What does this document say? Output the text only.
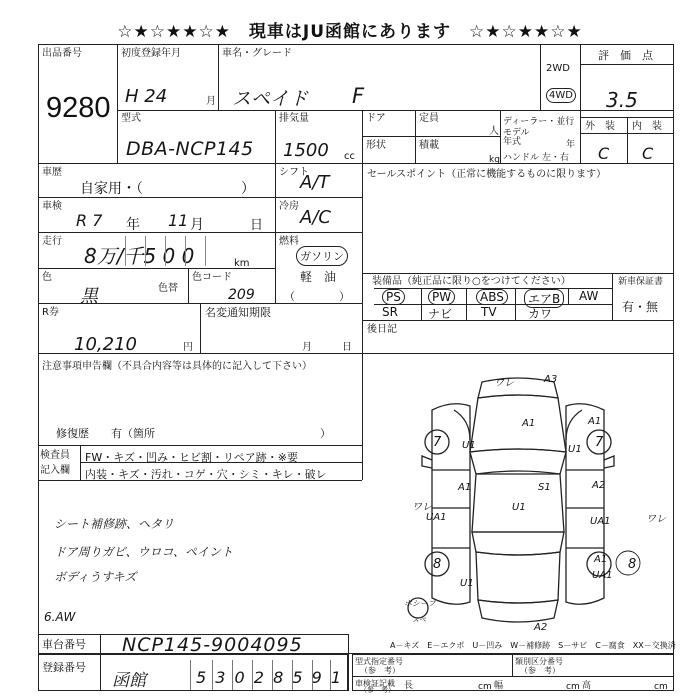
☆★☆★★☆★　現車はJU函館にあります　☆★☆★★☆★
出品番号
9280
初度登録年月
H 24	月
車名・グレード
スペイド F
2WD
4WD
評　価　点
3.5
型式
DBA-NCP145
排気量
1500 cc
ドア	定員
人
ディーラー・並行
モデル年式	年
ハンドル 左・右
形状	積載
kg
外　装 内　装
C C
車歴
自家用・（　　　　　　　）
シフト
A/T
車検
R 7 年 11 月	日
冷房
A/C
走行
8万/千5 0 0	km
燃料
ガソリン
軽　油
（　　　　）
色
黒	色替
色コード
209
R券
10,210	円
名変通知期限
月　　　日
注意事項申告欄（不具合内容等は具体的に記入して下さい）
修復歴　　有（箇所　　　　　　　　　　　　　　　）
検査員
記入欄
FW・キズ・凹み・ヒビ割・リペア跡・※要
内装・キズ・汚れ・コゲ・穴・シミ・キレ・破レ
シート補修跡、ヘタリ
ドア周りガビ、ウロコ、ペイント
ボディうすキズ
6.AW
セールスポイント（正常に機能するものに限ります）
装備品（純正品に限り○をつけてください）	新車保証書
有・無
PS	PW	ABS	エアB	AW
SR	ナビ TV	カワ
後日記
ワレ	A3
A1	A1
7	7
U1	U1
A1	S1	A2
UA1	UA1
ワレ
ワレ
U1
8	8
U1
UA1
A1
ホシーフ
スペ
A2
A－キズ　E－エクボ　U－凹み　W－補修跡　S－サビ　C－腐食　XX－交換済
車台番号 NCP145-9004095
登録番号
函館	5 3 0 2 8 5 9 1
型式指定番号
（参　考）
類別区分番号
（参　考）
車検証記載
（参　考） 長	cm 幅	cm 高	cm
